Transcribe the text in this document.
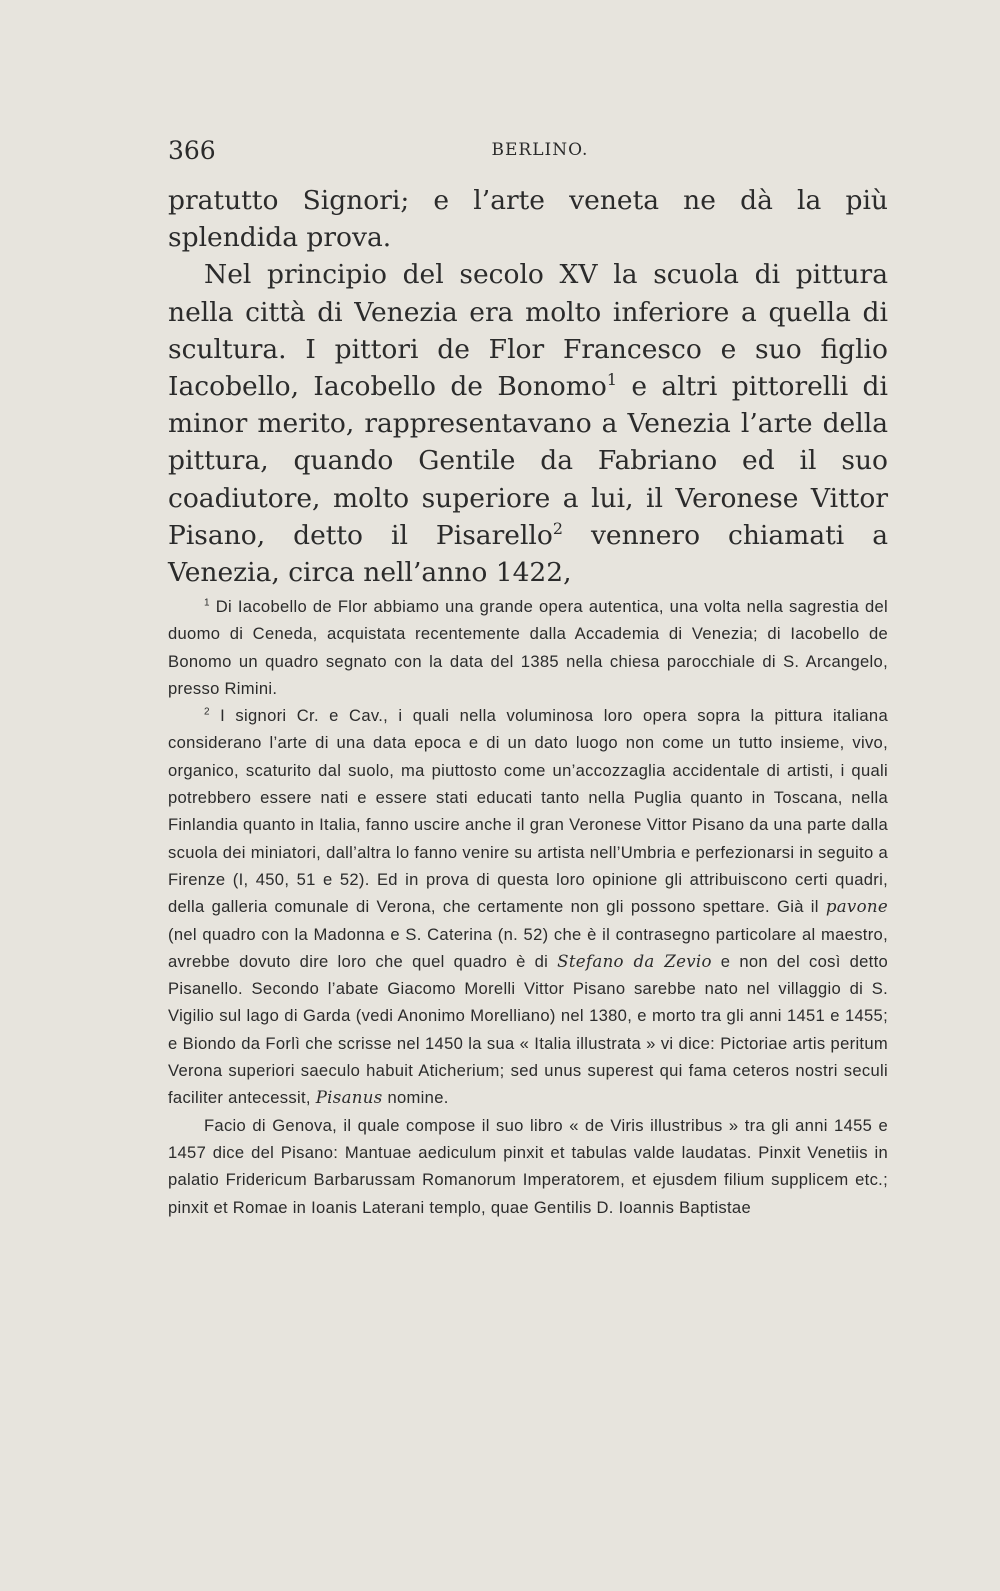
366	BERLINO.

pratutto Signori; e l’arte veneta ne dà la più splendida prova.

Nel principio del secolo XV la scuola di pittura nella città di Venezia era molto inferiore a quella di scultura. I pittori de Flor Francesco e suo figlio Iacobello, Iacobello de Bonomo$^1$ e altri pittorelli di minor merito, rappresentavano a Venezia l’arte della pittura, quando Gentile da Fabriano ed il suo coadiutore, molto superiore a lui, il Veronese Vittor Pisano, detto il Pisarello$^2$ vennero chiamati a Venezia, circa nell’anno 1422,

$^1$ Di Iacobello de Flor abbiamo una grande opera autentica, una volta nella sagrestia del duomo di Ceneda, acquistata recentemente dalla Accademia di Venezia; di Iacobello de Bonomo un quadro segnato con la data del 1385 nella chiesa parocchiale di S. Arcangelo, presso Rimini.

$^2$ I signori Cr. e Cav., i quali nella voluminosa loro opera sopra la pittura italiana considerano l’arte di una data epoca e di un dato luogo non come un tutto insieme, vivo, organico, scaturito dal suolo, ma piuttosto come un’accozzaglia accidentale di artisti, i quali potrebbero essere nati e essere stati educati tanto nella Puglia quanto in Toscana, nella Finlandia quanto in Italia, fanno uscire anche il gran Veronese Vittor Pisano da una parte dalla scuola dei miniatori, dall’altra lo fanno venire su artista nell’Umbria e perfezionarsi in seguito a Firenze (I, 450, 51 e 52). Ed in prova di questa loro opinione gli attribuiscono certi quadri, della galleria comunale di Verona, che certamente non gli possono spettare. Già il pavone (nel quadro con la Madonna e S. Caterina (n. 52) che è il contrasegno particolare al maestro, avrebbe dovuto dire loro che quel quadro è di Stefano da Zevio e non del così detto Pisanello. Secondo l’abate Giacomo Morelli Vittor Pisano sarebbe nato nel villaggio di S. Vigilio sul lago di Garda (vedi Anonimo Morelliano) nel 1380, e morto tra gli anni 1451 e 1455; e Biondo da Forlì che scrisse nel 1450 la sua « Italia illustrata » vi dice: Pictoriae artis peritum Verona superiori saeculo habuit Aticherium; sed unus superest qui fama ceteros nostri seculi faciliter antecessit, Pisanus nomine.

Facio di Genova, il quale compose il suo libro « de Viris illustribus » tra gli anni 1455 e 1457 dice del Pisano: Mantuae aediculum pinxit et tabulas valde laudatas. Pinxit Venetiis in palatio Fridericum Barbarussam Romanorum Imperatorem, et ejusdem filium supplicem etc.; pinxit et Romae in Ioanis Laterani templo, quae Gentilis D. Ioannis Baptistae
